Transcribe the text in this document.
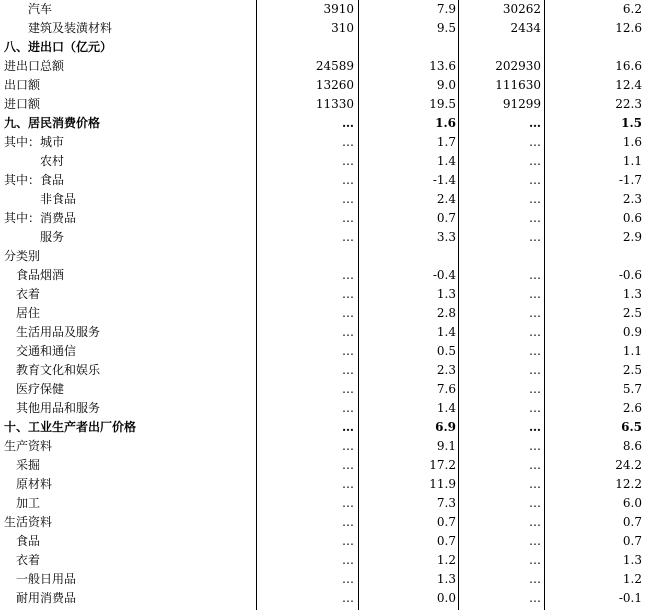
汽车	3910	7.9	30262	6.2
建筑及装潢材料	310	9.5	2434	12.6
八、进出口（亿元）
进出口总额	24589	13.6	202930	16.6
出口额	13260	9.0	111630	12.4
进口额	11330	19.5	91299	22.3
九、居民消费价格	…	1.6	…	1.5
其中：城市	…	1.7	…	1.6
农村	…	1.4	…	1.1
其中：食品	…	-1.4	…	-1.7
非食品	…	2.4	…	2.3
其中：消费品	…	0.7	…	0.6
服务	…	3.3	…	2.9
分类别
食品烟酒	…	-0.4	…	-0.6
衣着	…	1.3	…	1.3
居住	…	2.8	…	2.5
生活用品及服务	…	1.4	…	0.9
交通和通信	…	0.5	…	1.1
教育文化和娱乐	…	2.3	…	2.5
医疗保健	…	7.6	…	5.7
其他用品和服务	…	1.4	…	2.6
十、工业生产者出厂价格	…	6.9	…	6.5
生产资料	…	9.1	…	8.6
采掘	…	17.2	…	24.2
原材料	…	11.9	…	12.2
加工	…	7.3	…	6.0
生活资料	…	0.7	…	0.7
食品	…	0.7	…	0.7
衣着	…	1.2	…	1.3
一般日用品	…	1.3	…	1.2
耐用消费品	…	0.0	…	-0.1
